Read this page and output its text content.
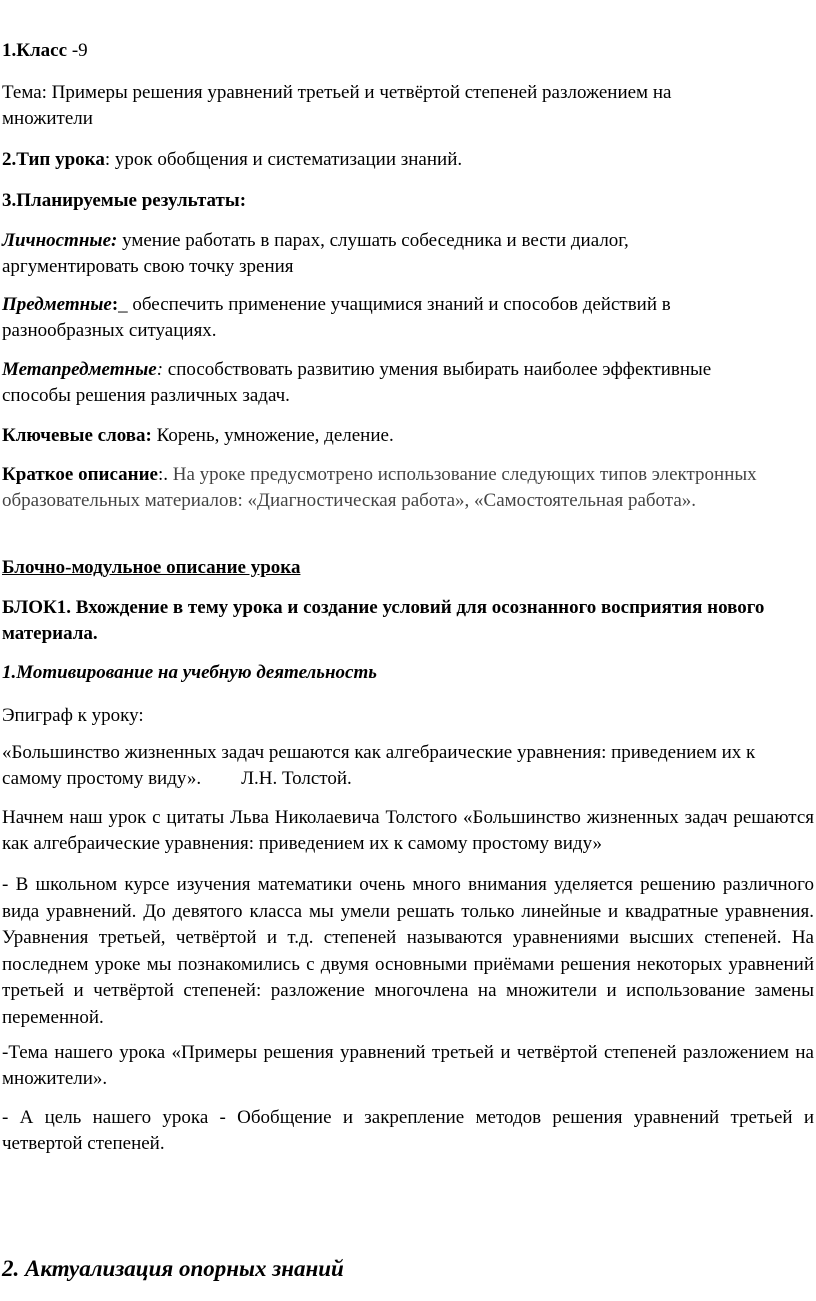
1.Класс -9

Тема: Примеры решения уравнений третьей и четвёртой степеней разложением на множители

2.Тип урока: урок обобщения и систематизации знаний.

3.Планируемые результаты:

Личностные: умение работать в парах, слушать собеседника и вести диалог, аргументировать свою точку зрения

Предметные:_ обеспечить применение учащимися знаний и способов действий в разнообразных ситуациях.

Метапредметные: способствовать развитию умения выбирать наиболее эффективные способы решения различных задач.

Ключевые слова: Корень, умножение, деление.

Краткое описание:. На уроке предусмотрено использование следующих типов электронных образовательных материалов: «Диагностическая работа», «Самостоятельная работа».

Блочно-модульное описание урока

БЛОК1. Вхождение в тему урока и создание условий для осознанного восприятия нового материала.

1.Мотивирование на учебную деятельность

Эпиграф к уроку:

«Большинство жизненных задач решаются как алгебраические уравнения: приведением их к самому простому виду». Л.Н. Толстой.

Начнем наш урок с цитаты Льва Николаевича Толстого «Большинство жизненных задач решаются как алгебраические уравнения: приведением их к самому простому виду»

- В школьном курсе изучения математики очень много внимания уделяется решению различного вида уравнений. До девятого класса мы умели решать только линейные и квадратные уравнения. Уравнения третьей, четвёртой и т.д. степеней называются уравнениями высших степеней. На последнем уроке мы познакомились с двумя основными приёмами решения некоторых уравнений третьей и четвёртой степеней: разложение многочлена на множители и использование замены переменной.

-Тема нашего урока «Примеры решения уравнений третьей и четвёртой степеней разложением на множители».

- А цель нашего урока - Обобщение и закрепление методов решения уравнений третьей и четвертой степеней.

2. Актуализация опорных знаний
